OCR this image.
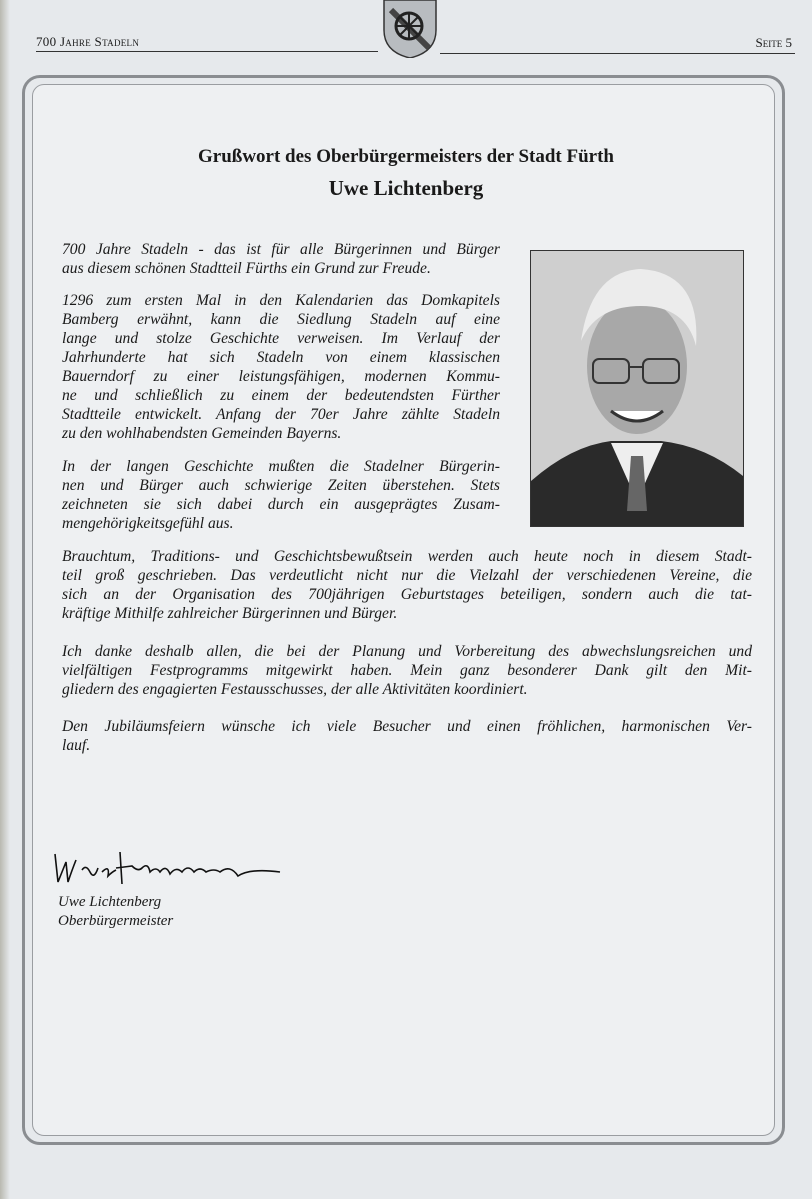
700 Jahre Stadeln	Seite 5
Grußwort des Oberbürgermeisters der Stadt Fürth
Uwe Lichtenberg
700 Jahre Stadeln - das ist für alle Bürgerinnen und Bürger
aus diesem schönen Stadtteil Fürths ein Grund zur Freude.
1296 zum ersten Mal in den Kalendarien das Domkapitels
Bamberg erwähnt, kann die Siedlung Stadeln auf eine
lange und stolze Geschichte verweisen. Im Verlauf der
Jahrhunderte hat sich Stadeln von einem klassischen
Bauerndorf zu einer leistungsfähigen, modernen Kommu-
ne und schließlich zu einem der bedeutendsten Fürther
Stadtteile entwickelt. Anfang der 70er Jahre zählte Stadeln
zu den wohlhabendsten Gemeinden Bayerns.
In der langen Geschichte mußten die Stadelner Bürgerin-
nen und Bürger auch schwierige Zeiten überstehen. Stets
zeichneten sie sich dabei durch ein ausgeprägtes Zusam-
mengehörigkeitsgefühl aus.
Brauchtum, Traditions- und Geschichtsbewußtsein werden auch heute noch in diesem Stadt-
teil groß geschrieben. Das verdeutlicht nicht nur die Vielzahl der verschiedenen Vereine, die
sich an der Organisation des 700jährigen Geburtstages beteiligen, sondern auch die tat-
kräftige Mithilfe zahlreicher Bürgerinnen und Bürger.
Ich danke deshalb allen, die bei der Planung und Vorbereitung des abwechslungsreichen und
vielfältigen Festprogramms mitgewirkt haben. Mein ganz besonderer Dank gilt den Mit-
gliedern des engagierten Festausschusses, der alle Aktivitäten koordiniert.
Den Jubiläumsfeiern wünsche ich viele Besucher und einen fröhlichen, harmonischen Ver-
lauf.
Uwe Lichtenberg
Oberbürgermeister
